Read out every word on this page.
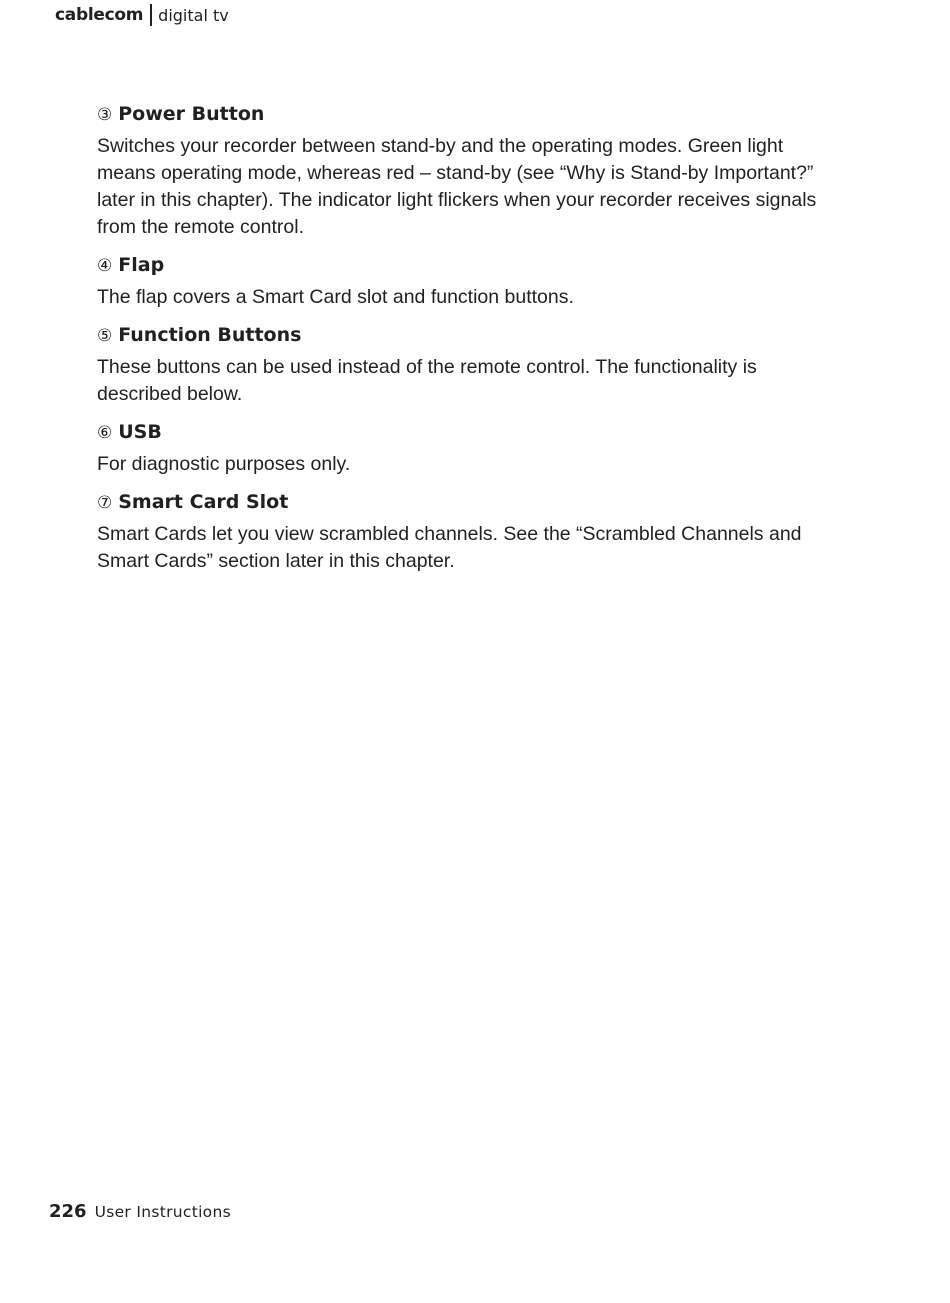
cablecom digital tv
③ Power Button

Switches your recorder between stand-by and the operating modes. Green light means operating mode, whereas red – stand-by (see “Why is Stand-by Important?” later in this chapter). The indicator light flickers when your recorder receives signals from the remote control.

④ Flap

The flap covers a Smart Card slot and function buttons.

⑤ Function Buttons

These buttons can be used instead of the remote control. The functionality is described below.

⑥ USB

For diagnostic purposes only.

⑦ Smart Card Slot

Smart Cards let you view scrambled channels. See the “Scrambled Channels and Smart Cards” section later in this chapter.

226 User Instructions
